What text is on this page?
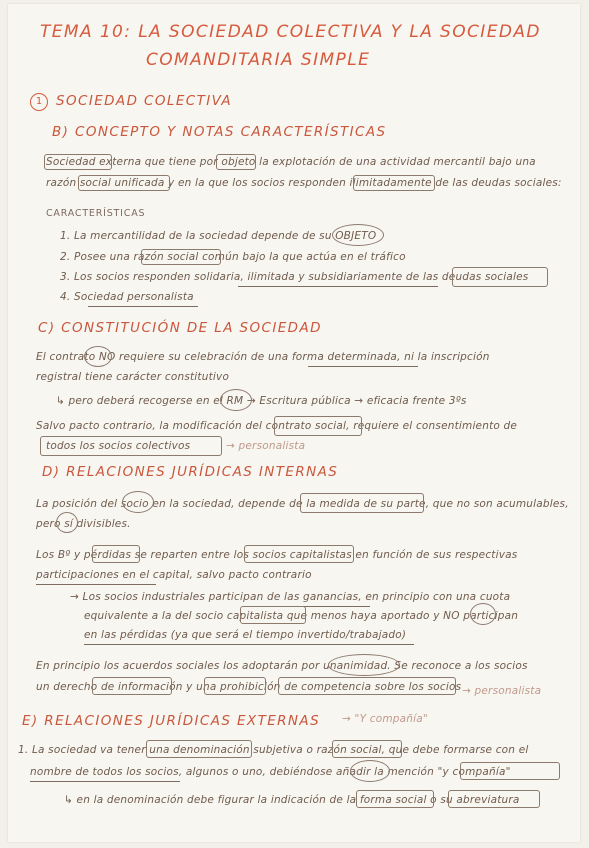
TEMA 10: LA SOCIEDAD COLECTIVA Y LA SOCIEDAD
COMANDITARIA SIMPLE
1	SOCIEDAD COLECTIVA
B) CONCEPTO Y NOTAS CARACTERÍSTICAS
Sociedad externa que tiene por objeto la explotación de una actividad mercantil bajo una
razón social unificada y en la que los socios responden ilimitadamente de las deudas sociales:
CARACTERÍSTICAS
1. La mercantilidad de la sociedad depende de su OBJETO
2. Posee una razón social común bajo la que actúa en el tráfico
3. Los socios responden solidaria, ilimitada y subsidiariamente de las deudas sociales
4. Sociedad personalista
C) CONSTITUCIÓN DE LA SOCIEDAD
El contrato NO requiere su celebración de una forma determinada, ni la inscripción
registral tiene carácter constitutivo
↳ pero deberá recogerse en el RM → Escritura pública → eficacia frente 3ºs
Salvo pacto contrario, la modificación del contrato social, requiere el consentimiento de
todos los socios colectivos	→ personalista
D) RELACIONES JURÍDICAS INTERNAS
La posición del socio en la sociedad, depende de la medida de su parte, que no son acumulables,
pero sí divisibles.
Los Bº y pérdidas se reparten entre los socios capitalistas en función de sus respectivas
participaciones en el capital, salvo pacto contrario
→ Los socios industriales participan de las ganancias, en principio con una cuota
equivalente a la del socio capitalista que menos haya aportado y NO participan
en las pérdidas (ya que será el tiempo invertido/trabajado)
En principio los acuerdos sociales los adoptarán por unanimidad. Se reconoce a los socios
un derecho de información y una prohibición de competencia sobre los socios → personalista
E) RELACIONES JURÍDICAS EXTERNAS → "Y compañía"
1. La sociedad va tener una denominación subjetiva o razón social, que debe formarse con el
nombre de todos los socios, algunos o uno, debiéndose añadir la mención "y compañía"
↳ en la denominación debe figurar la indicación de la forma social o su abreviatura
